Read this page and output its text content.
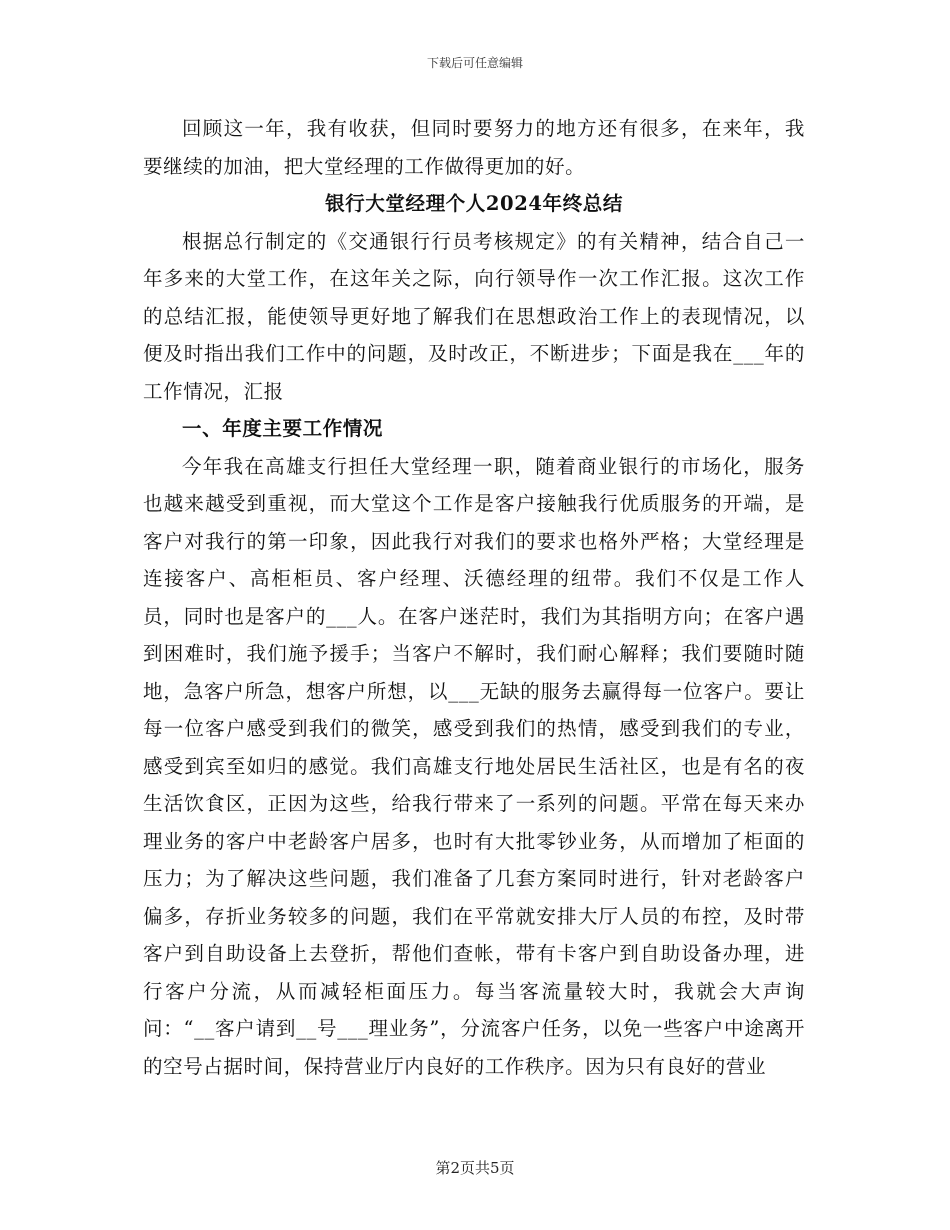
下载后可任意编辑

回顾这一年，我有收获，但同时要努力的地方还有很多，在来年，我要继续的加油，把大堂经理的工作做得更加的好。

银行大堂经理个人2024年终总结

根据总行制定的《交通银行行员考核规定》的有关精神，结合自己一年多来的大堂工作，在这年关之际，向行领导作一次工作汇报。这次工作的总结汇报，能使领导更好地了解我们在思想政治工作上的表现情况，以便及时指出我们工作中的问题，及时改正，不断进步；下面是我在___年的工作情况，汇报

一、年度主要工作情况

今年我在高雄支行担任大堂经理一职，随着商业银行的市场化，服务也越来越受到重视，而大堂这个工作是客户接触我行优质服务的开端，是客户对我行的第一印象，因此我行对我们的要求也格外严格；大堂经理是连接客户、高柜柜员、客户经理、沃德经理的纽带。我们不仅是工作人员，同时也是客户的___人。在客户迷茫时，我们为其指明方向；在客户遇到困难时，我们施予援手；当客户不解时，我们耐心解释；我们要随时随地，急客户所急，想客户所想，以___无缺的服务去赢得每一位客户。要让每一位客户感受到我们的微笑，感受到我们的热情，感受到我们的专业，感受到宾至如归的感觉。我们高雄支行地处居民生活社区，也是有名的夜生活饮食区，正因为这些，给我行带来了一系列的问题。平常在每天来办理业务的客户中老龄客户居多，也时有大批零钞业务，从而增加了柜面的压力；为了解决这些问题，我们准备了几套方案同时进行，针对老龄客户偏多，存折业务较多的问题，我们在平常就安排大厅人员的布控，及时带客户到自助设备上去登折，帮他们查帐，带有卡客户到自助设备办理，进行客户分流，从而减轻柜面压力。每当客流量较大时，我就会大声询问：“__客户请到__号___理业务”，分流客户任务，以免一些客户中途离开的空号占据时间，保持营业厅内良好的工作秩序。因为只有良好的营业

第2页共5页
